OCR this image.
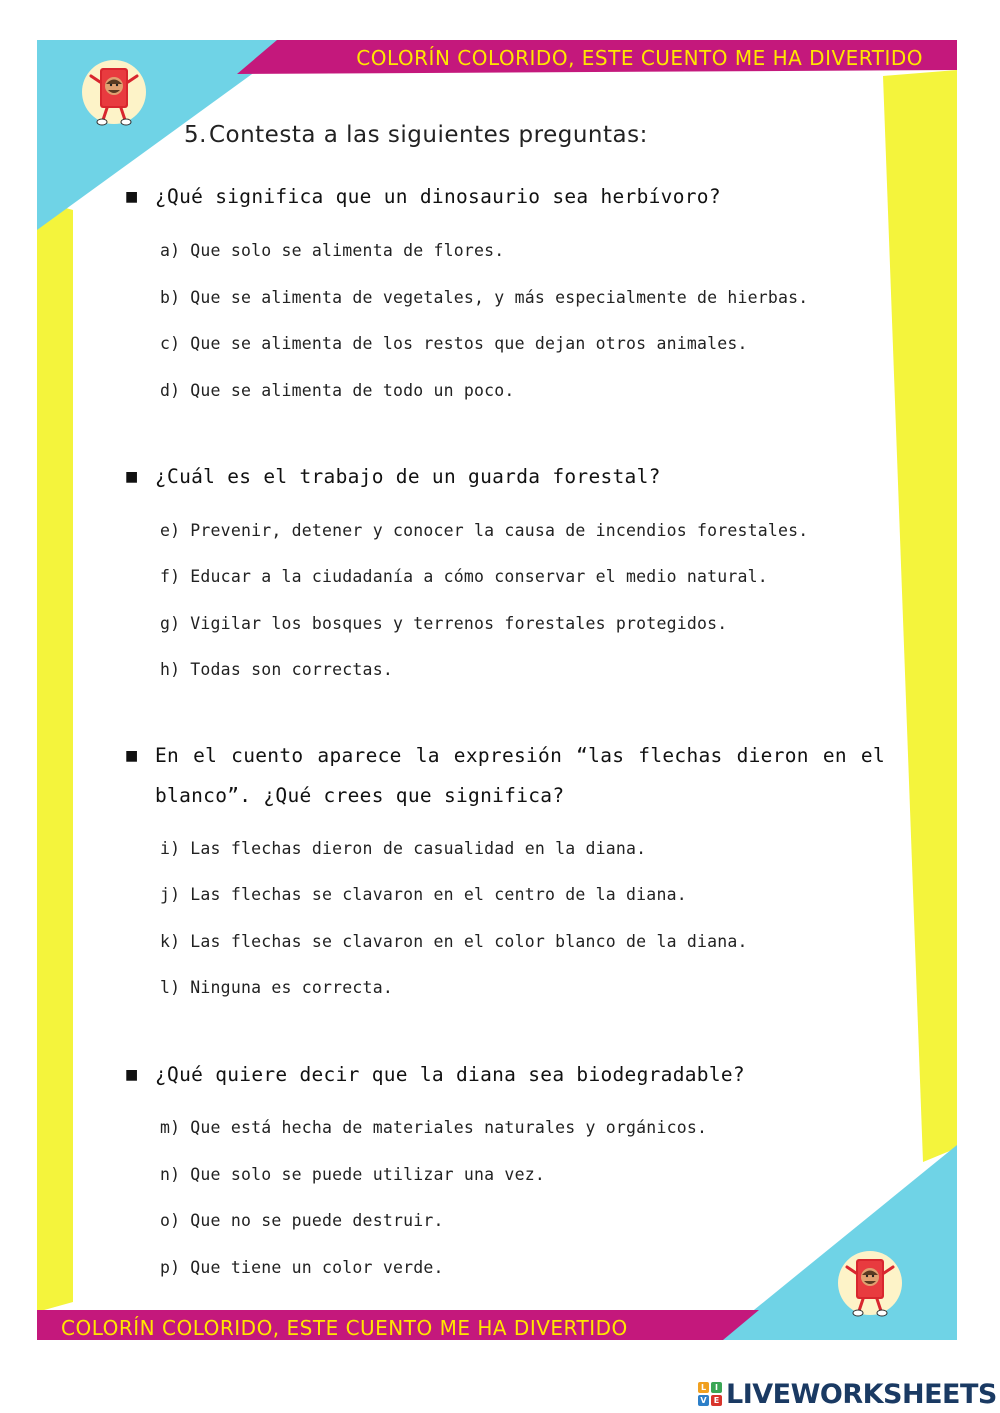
COLORÍN COLORIDO, ESTE CUENTO ME HA DIVERTIDO
COLORÍN COLORIDO, ESTE CUENTO ME HA DIVERTIDO
5.Contesta a las siguientes preguntas:
■ ¿Qué significa que un dinosaurio sea herbívoro?
a) Que solo se alimenta de flores.
b) Que se alimenta de vegetales, y más especialmente de hierbas.
c) Que se alimenta de los restos que dejan otros animales.
d) Que se alimenta de todo un poco.
■ ¿Cuál es el trabajo de un guarda forestal?
e) Prevenir, detener y conocer la causa de incendios forestales.
f) Educar a la ciudadanía a cómo conservar el medio natural.
g) Vigilar los bosques y terrenos forestales protegidos.
h) Todas son correctas.
■ En el cuento aparece la expresión “las flechas dieron en el blanco”. ¿Qué crees que significa?
i) Las flechas dieron de casualidad en la diana.
j) Las flechas se clavaron en el centro de la diana.
k) Las flechas se clavaron en el color blanco de la diana.
l) Ninguna es correcta.
■ ¿Qué quiere decir que la diana sea biodegradable?
m) Que está hecha de materiales naturales y orgánicos.
n) Que solo se puede utilizar una vez.
o) Que no se puede destruir.
p) Que tiene un color verde.
L	I
V E LIVEWORKSHEETS
